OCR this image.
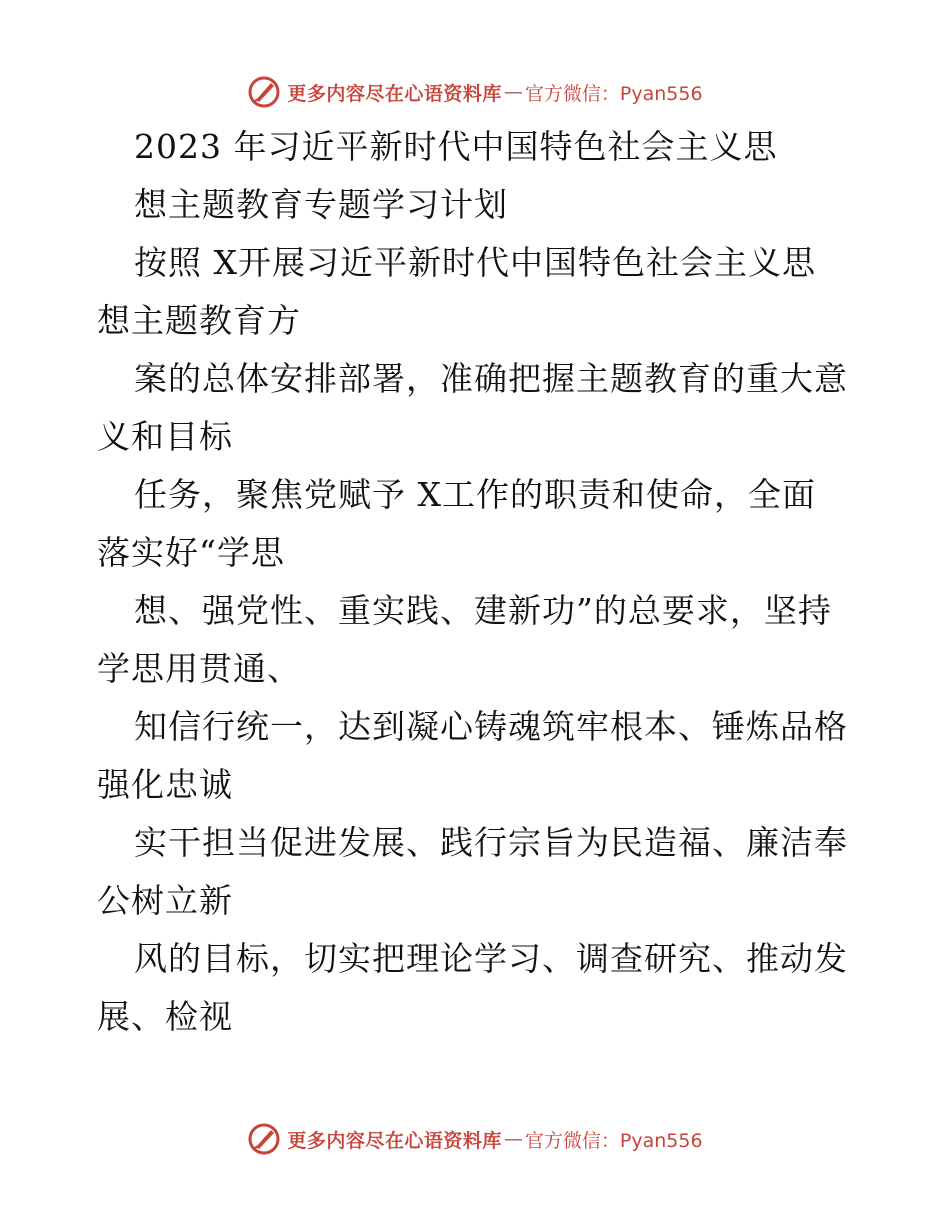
更多内容尽在心语资料库 — 官方微信：Pyan556
2023 年习近平新时代中国特色社会主义思
想主题教育专题学习计划
按照 X开展习近平新时代中国特色社会主义思
想主题教育方
案的总体安排部署，准确把握主题教育的重大意
义和目标
任务，聚焦党赋予 X工作的职责和使命，全面
落实好“学思
想、强党性、重实践、建新功”的总要求，坚持
学思用贯通、
知信行统一，达到凝心铸魂筑牢根本、锤炼品格
强化忠诚
实干担当促进发展、践行宗旨为民造福、廉洁奉
公树立新
风的目标，切实把理论学习、调查研究、推动发
展、检视
更多内容尽在心语资料库 — 官方微信：Pyan556
